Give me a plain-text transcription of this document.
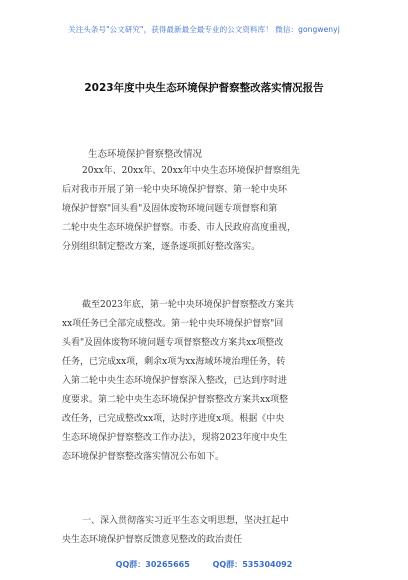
关注头条号"公文研究"，获得最新最全最专业的公文资料库！ 微信：gongwenyj
2023年度中央生态环境保护督察整改落实情况报告
生态环境保护督察整改情况
20xx年、20xx年、20xx年中央生态环境保护督察组先
后对我市开展了第一轮中央环境保护督察、第一轮中央环
境保护督察"回头看"及固体废物环境问题专项督察和第
二轮中央生态环境保护督察。市委、市人民政府高度重视，
分别组织制定整改方案，逐条逐项抓好整改落实。
截至2023年底，第一轮中央环境保护督察整改方案共
xx项任务已全部完成整改。第一轮中央环境保护督察"回
头看"及固体废物环境问题专项督察整改方案共xx项整改
任务，已完成xx项，剩余x项为xx海域环境治理任务，转
入第二轮中央生态环境保护督察深入整改，已达到序时进
度要求。第二轮中央生态环境保护督察整改方案共xx项整
改任务，已完成整改xx项，达时序进度x项。根据《中央
生态环境保护督察整改工作办法》，现将2023年度中央生
态环境保护督察整改落实情况公布如下。
一、深入贯彻落实习近平生态文明思想，坚决扛起中
央生态环境保护督察反馈意见整改的政治责任
QQ群：30265665	QQ群：535304092
